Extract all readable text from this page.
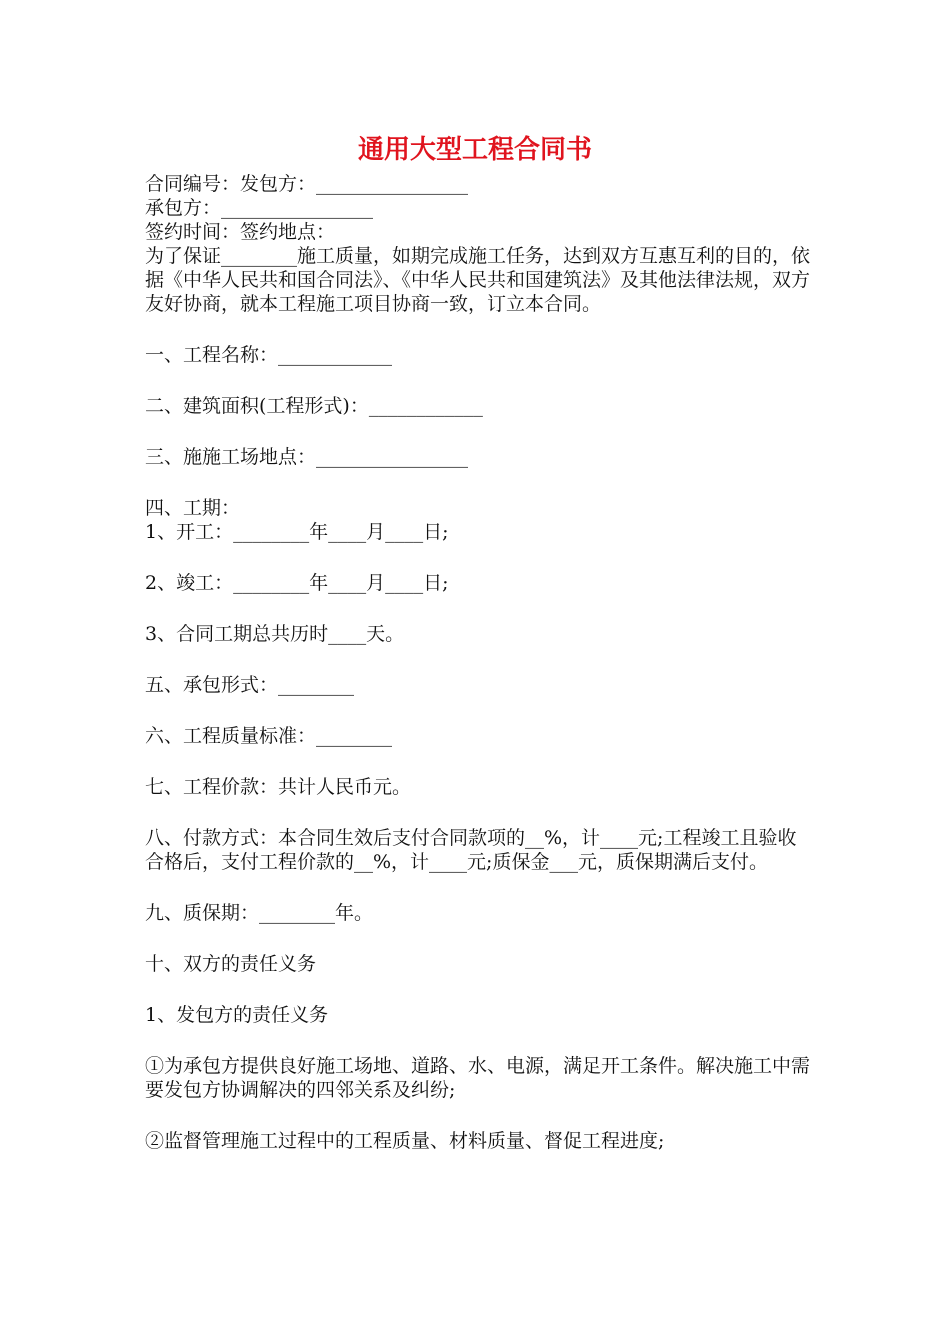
通用大型工程合同书

合同编号：发包方：________________

承包方：________________

签约时间：签约地点：

为了保证________施工质量，如期完成施工任务，达到双方互惠互利的目的，依据《中华人民共和国合同法》、《中华人民共和国建筑法》及其他法律法规，双方友好协商，就本工程施工项目协商一致，订立本合同。

一、工程名称：____________

二、建筑面积(工程形式)：____________

三、施施工场地点：________________

四、工期：

1、开工：________年____月____日;

2、竣工：________年____月____日;

3、合同工期总共历时____天。

五、承包形式：________

六、工程质量标准：________

七、工程价款：共计人民币元。

八、付款方式：本合同生效后支付合同款项的__%，计____元;工程竣工且验收合格后，支付工程价款的__%，计____元;质保金___元，质保期满后支付。

九、质保期：________年。

十、双方的责任义务

1、发包方的责任义务

①为承包方提供良好施工场地、道路、水、电源，满足开工条件。解决施工中需要发包方协调解决的四邻关系及纠纷;

②监督管理施工过程中的工程质量、材料质量、督促工程进度;
